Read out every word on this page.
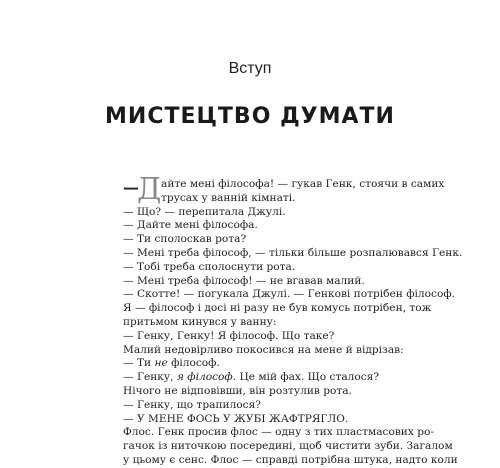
Вступ
МИСТЕЦТВО ДУМАТИ
—
Д айте мені філософа! — гукав Генк, стоячи в самих
трусах у ванній кімнаті.
— Що? — перепитала Джулі.
— Дайте мені філософа.
— Ти сполоскав рота?
— Мені треба філософ, — тільки більше розпалювався Генк.
— Тобі треба сполоснути рота.
— Мені треба філософ! — не вгавав малий.
— Скотте! — погукала Джулі. — Генкові потрібен філософ.
Я — філософ і досі ні разу не був комусь потрібен, тож
притьмом кинувся у ванну:
— Генку, Генку! Я філософ. Що таке?
Малий недовірливо покосився на мене й відрізав:
— Ти не філософ.
— Генку, я філософ. Це мій фах. Що сталося?
Нічого не відповівши, він розтулив рота.
— Генку, що трапилося?
— У МЕНЕ ФОСЬ У ЖУБІ ЖАФТРЯГЛО.
Флос. Генк просив флос — одну з тих пластмасових ро-
гачок із ниточкою посередині, щоб чистити зуби. Загалом
у цьому є сенс. Флос — справді потрібна штука, надто коли
